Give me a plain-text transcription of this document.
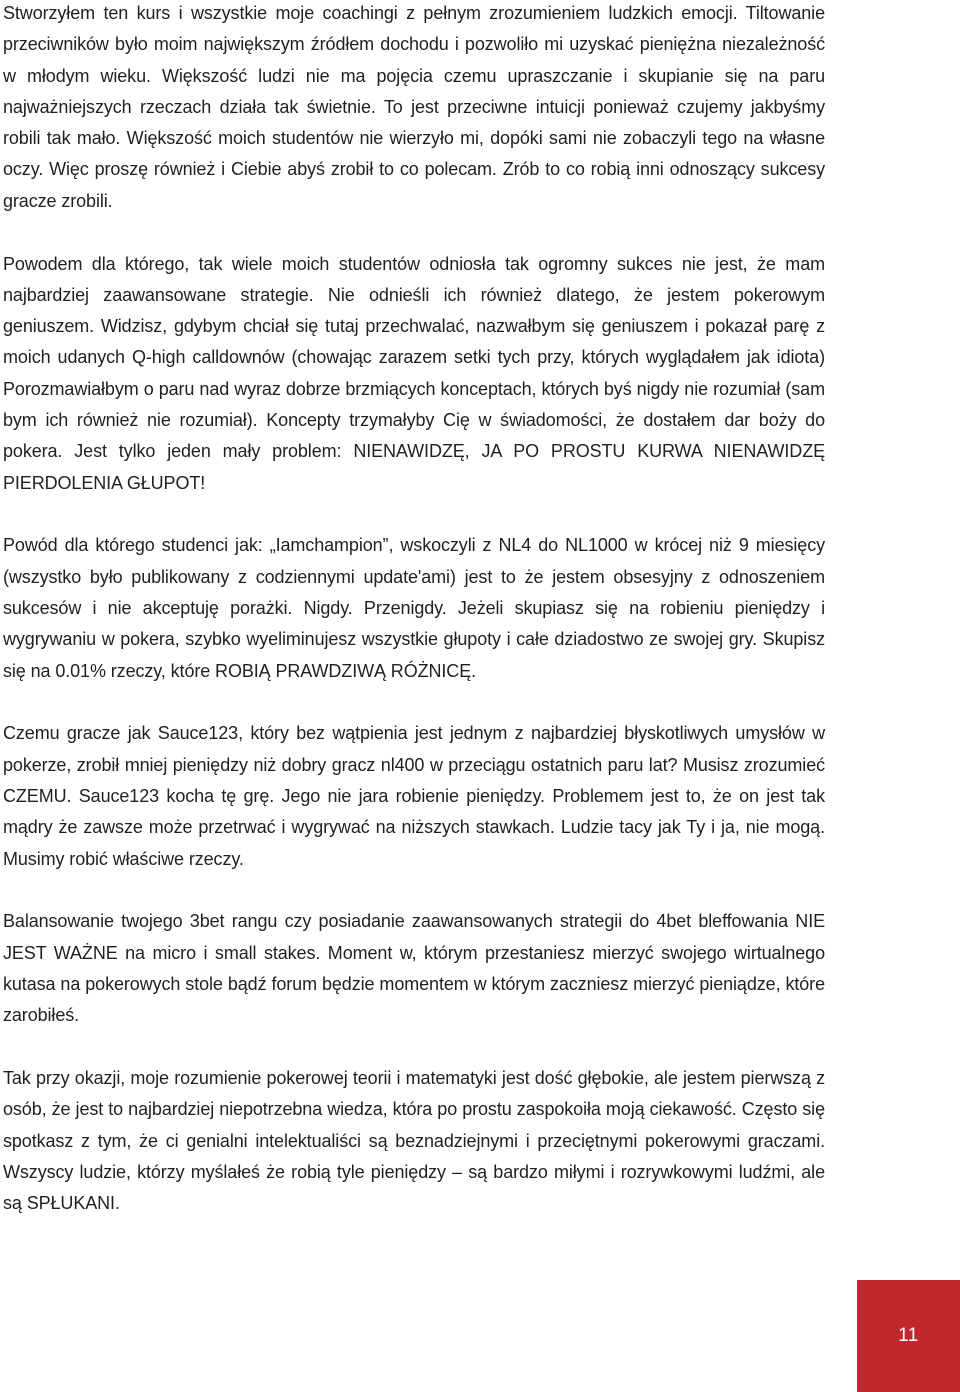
Stworzyłem ten kurs i wszystkie moje coachingi z pełnym zrozumieniem ludzkich emocji. Tiltowanie przeciwników było moim największym źródłem dochodu i pozwoliło mi uzyskać pieniężna niezależność w młodym wieku. Większość ludzi nie ma pojęcia czemu upraszczanie i skupianie się na paru najważniejszych rzeczach działa tak świetnie. To jest przeciwne intuicji ponieważ czujemy jakbyśmy robili tak mało. Większość moich studentów nie wierzyło mi, dopóki sami nie zobaczyli tego na własne oczy. Więc proszę również i Ciebie abyś zrobił to co polecam. Zrób to co robią inni odnoszący sukcesy gracze zrobili.

Powodem dla którego, tak wiele moich studentów odniosła tak ogromny sukces nie jest, że mam najbardziej zaawansowane strategie. Nie odnieśli ich również dlatego, że jestem pokerowym geniuszem. Widzisz, gdybym chciał się tutaj przechwalać, nazwałbym się geniuszem i pokazał parę z moich udanych Q-high calldownów (chowając zarazem setki tych przy, których wyglądałem jak idiota) Porozmawiałbym o paru nad wyraz dobrze brzmiących konceptach, których byś nigdy nie rozumiał (sam bym ich również nie rozumiał). Koncepty trzymałyby Cię w świadomości, że dostałem dar boży do pokera. Jest tylko jeden mały problem: NIENAWIDZĘ, JA PO PROSTU KURWA NIENAWIDZĘ PIERDOLENIA GŁUPOT!

Powód dla którego studenci jak: „Iamchampion”, wskoczyli z NL4 do NL1000 w krócej niż 9 miesięcy (wszystko było publikowany z codziennymi update'ami) jest to że jestem obsesyjny z odnoszeniem sukcesów i nie akceptuję porażki. Nigdy. Przenigdy. Jeżeli skupiasz się na robieniu pieniędzy i wygrywaniu w pokera, szybko wyeliminujesz wszystkie głupoty i całe dziadostwo ze swojej gry. Skupisz się na 0.01% rzeczy, które ROBIĄ PRAWDZIWĄ RÓŻNICĘ.

Czemu gracze jak Sauce123, który bez wątpienia jest jednym z najbardziej błyskotliwych umysłów w pokerze, zrobił mniej pieniędzy niż dobry gracz nl400 w przeciągu ostatnich paru lat? Musisz zrozumieć CZEMU. Sauce123 kocha tę grę. Jego nie jara robienie pieniędzy. Problemem jest to, że on jest tak mądry że zawsze może przetrwać i wygrywać na niższych stawkach. Ludzie tacy jak Ty i ja, nie mogą. Musimy robić właściwe rzeczy.

Balansowanie twojego 3bet rangu czy posiadanie zaawansowanych strategii do 4bet bleffowania NIE JEST WAŻNE na micro i small stakes. Moment w, którym przestaniesz mierzyć swojego wirtualnego kutasa na pokerowych stole bądź forum będzie momentem w którym zaczniesz mierzyć pieniądze, które zarobiłeś.

Tak przy okazji, moje rozumienie pokerowej teorii i matematyki jest dość głębokie, ale jestem pierwszą z osób, że jest to najbardziej niepotrzebna wiedza, która po prostu zaspokoiła moją ciekawość. Często się spotkasz z tym, że ci genialni intelektualiści są beznadziejnymi i przeciętnymi pokerowymi graczami. Wszyscy ludzie, którzy myślałeś że robią tyle pieniędzy – są bardzo miłymi i rozrywkowymi ludźmi, ale są SPŁUKANI.

11
